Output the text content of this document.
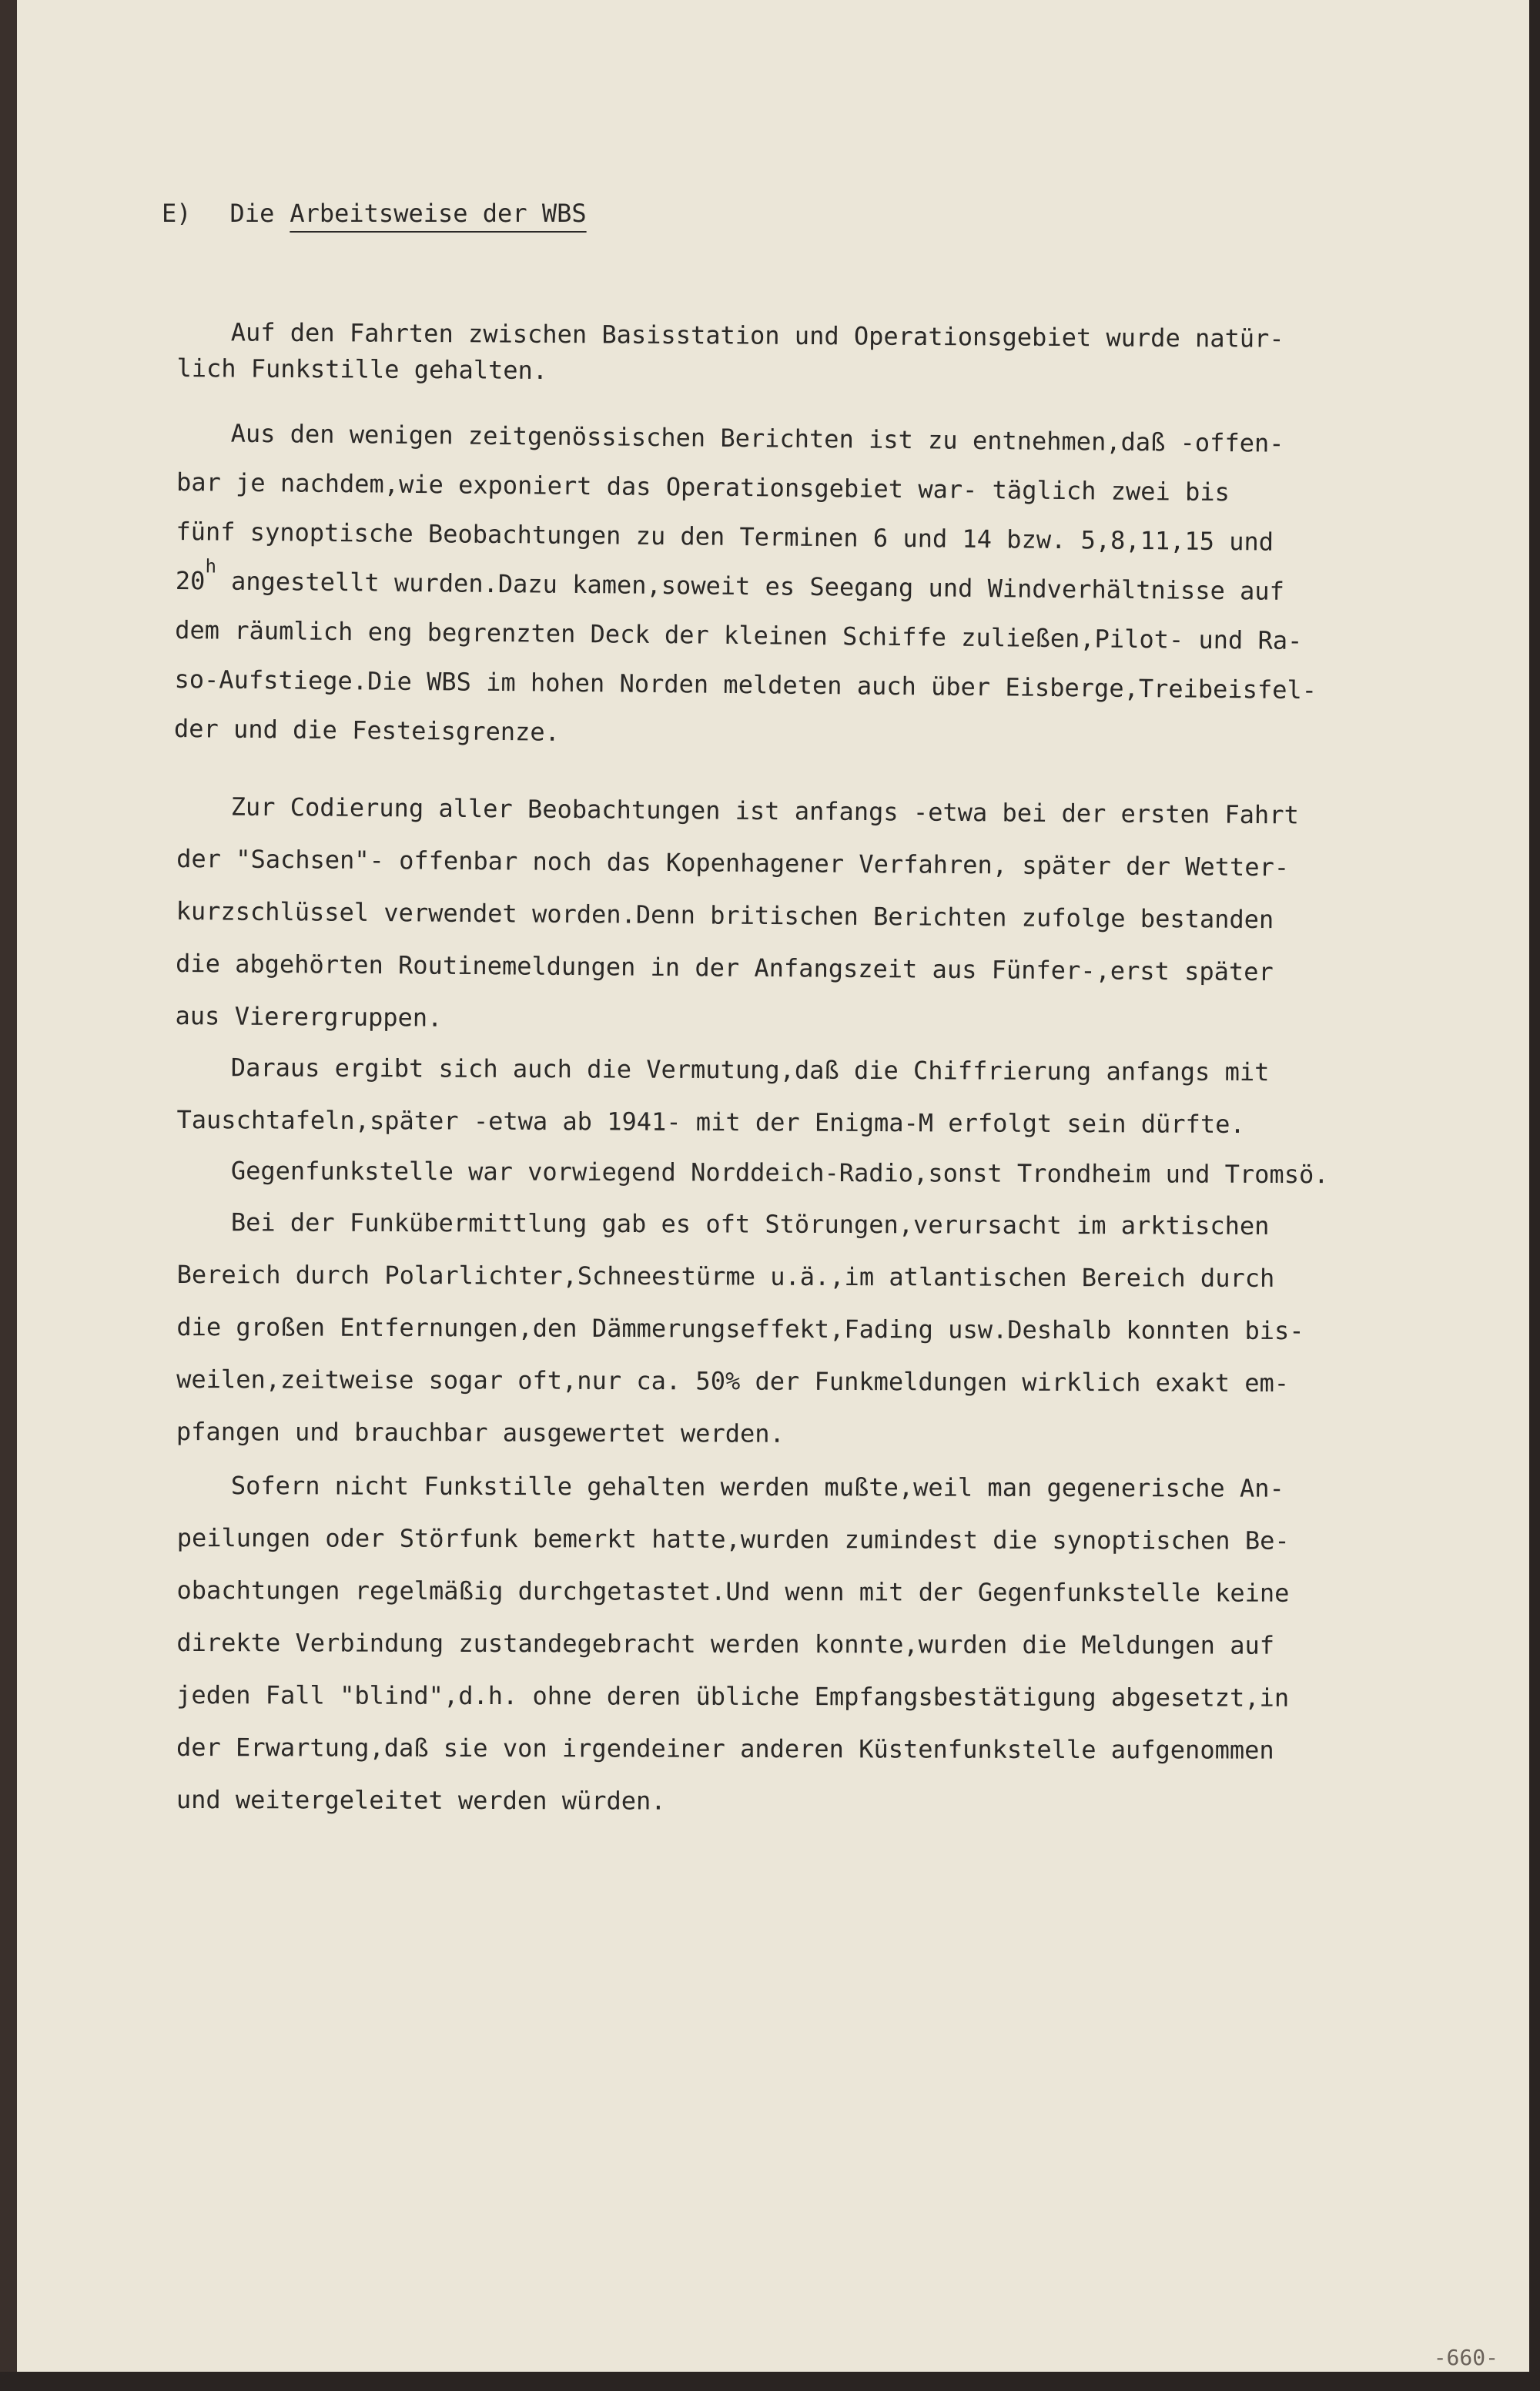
E) Die Arbeitsweise der WBS
Auf den Fahrten zwischen Basisstation und Operationsgebiet wurde natür-
lich Funkstille gehalten.
Aus den wenigen zeitgenössischen Berichten ist zu entnehmen,daß -offen-
bar je nachdem,wie exponiert das Operationsgebiet war- täglich zwei bis
fünf synoptische Beobachtungen zu den Terminen 6 und 14 bzw. 5,8,11,15 und
20$^h$ angestellt wurden.Dazu kamen,soweit es Seegang und Windverhältnisse auf
dem räumlich eng begrenzten Deck der kleinen Schiffe zuließen,Pilot- und Ra-
so-Aufstiege.Die WBS im hohen Norden meldeten auch über Eisberge,Treibeisfel-
der und die Festeisgrenze.
Zur Codierung aller Beobachtungen ist anfangs -etwa bei der ersten Fahrt
der "Sachsen"- offenbar noch das Kopenhagener Verfahren, später der Wetter-
kurzschlüssel verwendet worden.Denn britischen Berichten zufolge bestanden
die abgehörten Routinemeldungen in der Anfangszeit aus Fünfer-,erst später
aus Vierergruppen.
Daraus ergibt sich auch die Vermutung,daß die Chiffrierung anfangs mit
Tauschtafeln,später -etwa ab 1941- mit der Enigma-M erfolgt sein dürfte.
Gegenfunkstelle war vorwiegend Norddeich-Radio,sonst Trondheim und Tromsö.
Bei der Funkübermittlung gab es oft Störungen,verursacht im arktischen
Bereich durch Polarlichter,Schneestürme u.ä.,im atlantischen Bereich durch
die großen Entfernungen,den Dämmerungseffekt,Fading usw.Deshalb konnten bis-
weilen,zeitweise sogar oft,nur ca. 50% der Funkmeldungen wirklich exakt em-
pfangen und brauchbar ausgewertet werden.
Sofern nicht Funkstille gehalten werden mußte,weil man gegenerische An-
peilungen oder Störfunk bemerkt hatte,wurden zumindest die synoptischen Be-
obachtungen regelmäßig durchgetastet.Und wenn mit der Gegenfunkstelle keine
direkte Verbindung zustandegebracht werden konnte,wurden die Meldungen auf
jeden Fall "blind",d.h. ohne deren übliche Empfangsbestätigung abgesetzt,in
der Erwartung,daß sie von irgendeiner anderen Küstenfunkstelle aufgenommen
und weitergeleitet werden würden.
-660-
